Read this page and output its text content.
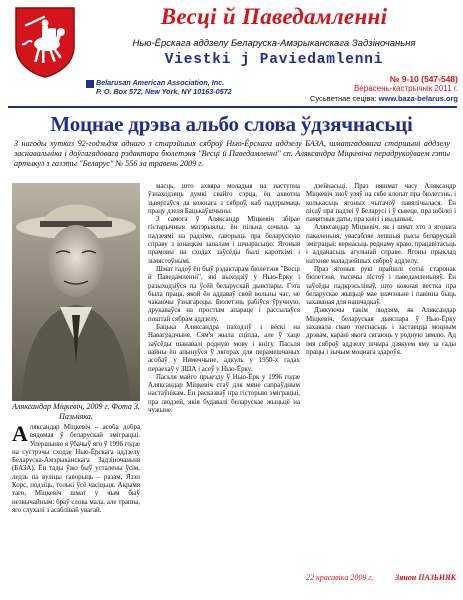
Весці й Паведамленні
Нью-Ёрскага аддзелу Беларуска-Амэрыканскага Задзіночаньня
Viestki j Paviedamlenni
Belarusan American Association, Inc.
P. O. Box 572, New York, NY 10163-0572
№ 9-10 (547-548)
Верасень-кастрычнік 2011 г.
Сусьветнае сеціва: www.baza-belarus.org
Моцнае дрэва альбо слова ўдзячнасьці
З нагоды хутказ 92-годзьдзя аднаго з старэйшых сяброў Нью-Ёрскага аддзелу БАЗА, шматгадовага старшыні аддзелу заснавальніка і доўгагадовага рэдактара бюлетэня "Весці й Паведамленні" сп. Аляксандра Міцкевіча перадрукоўваем гэты артыкул з газэты "Беларус" № 556 за травень 2009 г.
Аляксандар Міцкевіч, 2009 г. Фота З. Пазьняка.

Аляксандар Міцкевіч – асоба добра вядомая ў беларускай эміграцыі. Упершыню я ўбачыў яго ў 1996 годзе на сустрэчы сходзе Нью-Ёрскага аддзелу Беларуска-Амэрыканскага Задзіночаньня (БАЗА). Ён тады ўжо быў усталены ўсім, ледзь па вуліцы гаворыць – разам, Язэп Корс, подзіць, толькі ўсё часіцьця. Акрамя таго, Міцкевіч шмат у чым быў незвычайным: браў слова мала, але трапна, яго слухалі з асаблівай увагай.

масць, што ахвяра моладыя на наступна ўзнаходзяць думкі свайго сэрца, ён ахвотна зьвяртаўся да кожнага з сяброў, каб падтрымаць працу дзеля Бацькаўшчыны.

З самога ў Аляксандр Міцкевіч збірае гістарычныя матэрыялы, ён пільна сочыць за падзеямі на радзіме, гаворыць пра беларускую справу з юнацкім запалам і шчырасьцю. Ягоныя прамовы на сходах заўсёды былі кароткімі і зьмястоўнымі.

Шмат гадоў ён быў рэдактарам бюлетэня "Весці й Паведамленні", які выходзіў у Нью-Ёрку і разыходзіўся па ўсёй беларускай дыяспары. Гэта была праца, якой ён аддаваў свой вольны час, не чакаючы ўзнагароды. Бюлетэнь рабіўся ўручную, друкаваўся на простым апараце і рассылаўся поштай сябрам аддзелу.

Бацька Аляксандра паходзіў з вёскі на Наваградчыне. Сям'я жыла сціпла, але ў хаце заўсёды шанавалі родную мову і кнігу. Пасьля вайны ён апынуўся ў лягерах для перамешчаных асобаў у Нямеччыне, адкуль у 1950-х гадах пераехаў у ЗША і асеў у Нью-Ёрку.

Пасьля майго прыезду ў Нью-Ёрк у 1996 годзе Аляксандар Міцкевіч стаў для мяне сапраўдным настаўнікам. Ён расказваў пра гісторыю эміграцыі, пра людзей, якія будавалі беларускае жыцьцё на чужыне.

дзейнасьці. Праз няшмат часу Аляксандр Міцкевіч зноў узяў на сябе клопат пра бюлетэнь, і колькасьць ягоных чытачоў павялічылася. Ён пісаў пра падзеі ў Беларусі і ў сьвеце, пра юбілеі і памятныя даты, пра кнігі і выданьні.

Аляксандар Міцкевіч, як і шмат хто з ягонага пакаленьня, увасабляе лепшыя рысы беларускай эміграцыі: вернасьць роднаму краю, працавітасьць і адданасьць агульнай справе. Ягоны прыклад натхняе маладзейшых сяброў аддзелу.

Праз ягоныя рукі прайшлі сотні старонак бюлетэня, тысячы лістоў і паведамленьняў. Ён заўсёды падкрэсьліваў, што кожная весткa пра беларускае жыцьцё мае значэньне і павінна быць захаваная для нашчадкаў.

Дзякуючы такім людзям, як Аляксандар Міцкевіч, беларуская дыяспара ў Нью-Ёрку захавала сваю тоеснасьць і застаецца моцным дрэвам, карані якога сягаюць у родную зямлю. Ад імя сяброў аддзелу шчыра дзякуем яму за гады працы і зычым моцнага здароўя.

22 красавіка 2009 г.	Зянон ПАЗЬНЯК
